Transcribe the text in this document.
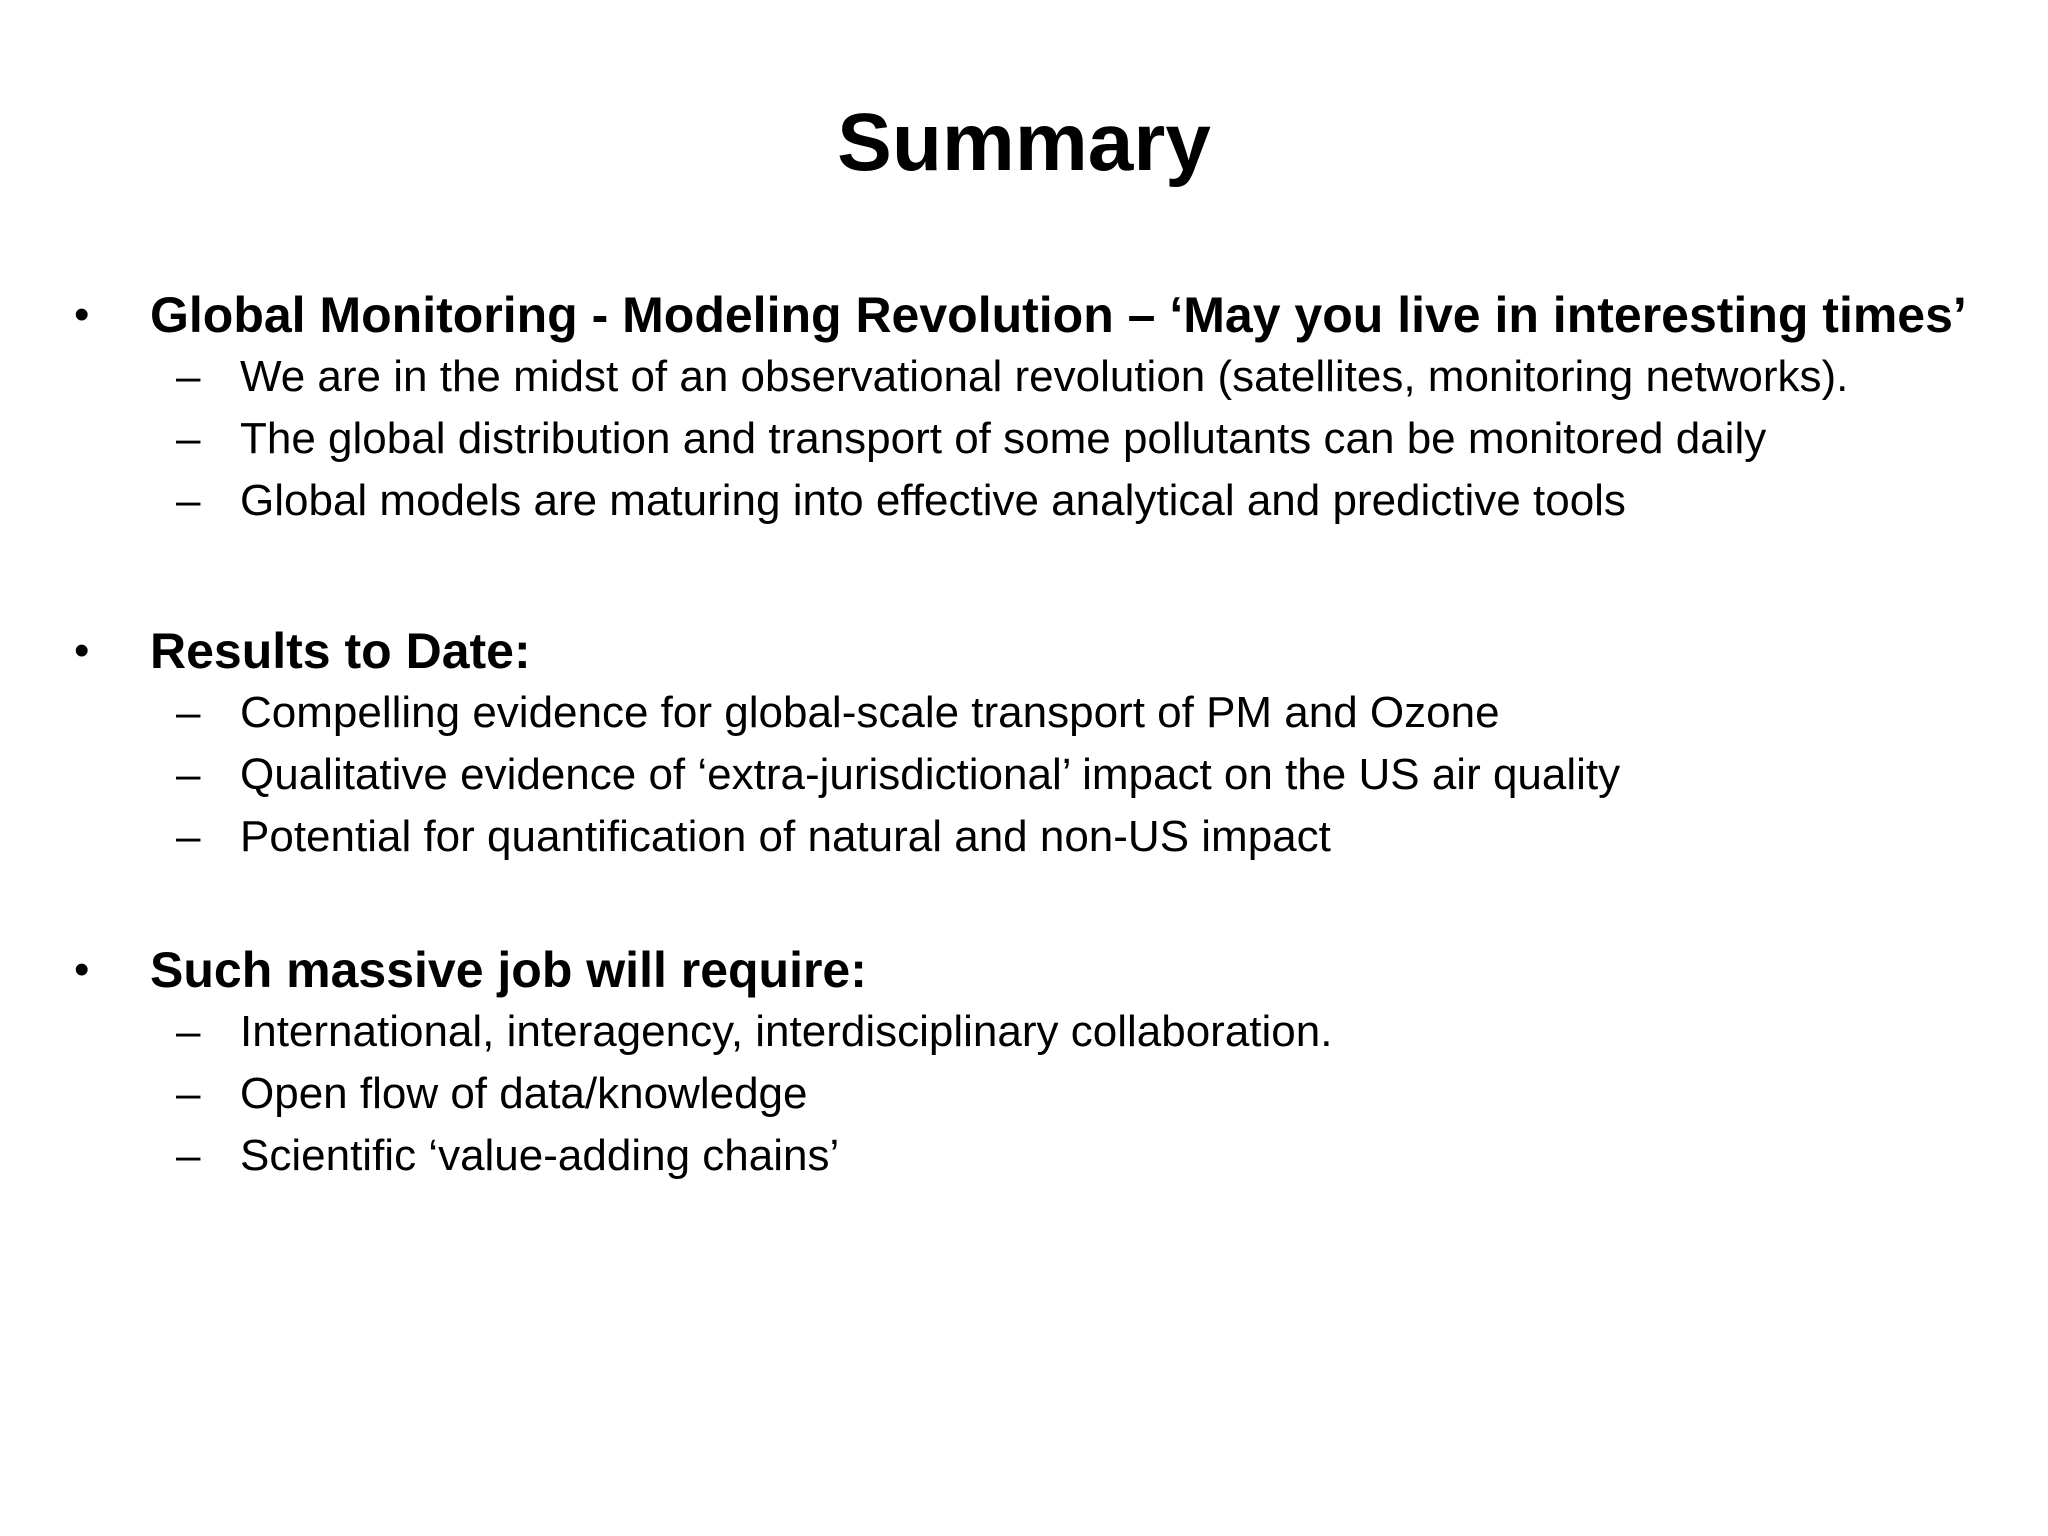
Summary
• Global Monitoring - Modeling Revolution – ‘May you live in interesting times’
– We are in the midst of an observational revolution (satellites, monitoring networks).
– The global distribution and transport of some pollutants can be monitored daily
– Global models are maturing into effective analytical and predictive tools
• Results to Date:
– Compelling evidence for global-scale transport of PM and Ozone
– Qualitative evidence of ‘extra-jurisdictional’ impact on the US air quality
– Potential for quantification of natural and non-US impact
• Such massive job will require:
– International, interagency, interdisciplinary collaboration.
– Open flow of data/knowledge
– Scientific ‘value-adding chains’
